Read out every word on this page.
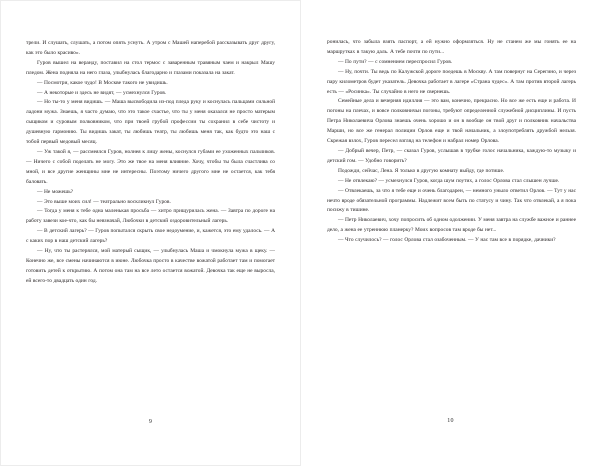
трели. И слушать, слушать, а потом опять уснуть. А утром с Машей наперебой рассказывать друг другу, как это было красиво».

Гуров вышел на веранду, поставил на стол термос с заваренным травяным чаем и накрыл Машу пледом. Жена подняла на него глаза, улыбнулась благодарно и глазами показала на закат.

— Посмотри, какое чудо! В Москве такого не увидишь.

— А некоторые и здесь не видят, — усмехнулся Гуров.

— Но ты-то у меня видишь. — Маша высвободила из-под пледа руку и коснулась пальцами сильной ладони мужа. Знаешь, я часто думаю, что это такое счастье, что ты у меня оказался не просто матерым сыщиком и суровым полковником, что при твоей грубой профессии ты сохранил в себе чистоту и душевную гармонию. Ты видишь закат, ты любишь театр, ты любишь меня так, как будто это наш с тобой первый медовый месяц.

— Уж такой я, — рассмеялся Гуров, нолнея к лицу жены, коснулся губами ее ухоженных пальчиков. — Ничего с собой поделать не могу. Это же твое на меня влияние. Хочу, чтобы ты была счастлива со мной, и все другие женщины мне не интересны. Поэтому ничего другого мне не остается, как тебя баловать.

— Не можешь?

— Это выше моих сил! — театрально воскликнул Гуров.

— Тогда у меня к тебе одна маленькая просьба — хитро прищурилась жена. — Завтра по дороге на работу завези кое-что, как бы невзначай, Любочки в детский оздоровительный лагерь.

— В детский лагерь? — Гуров попытался скрыть свое недоумение, и, кажется, это ему удалось. — А с каких пор в наш детский лагерь?

— Ну, что ты растерялся, мой матерый сыщик, — улыбнулась Маша и чмокнула мужа в щеку. — Конечно же, все смены начинаются в июне. Любочка просто в качестве вожатой работает там и помогает готовить детей к открытию. А потом она там на все лето остается вожатой. Девочка так еще не выросла, ей всего-то двадцать один год.

9

ронилась, что забыла взять паспорт, а ей нужно оформляться. Ну не станем же мы гонять ее на маршрутках в такую даль. А тебе почти по пути...

— По пути? — с сомнением переспросил Гуров.

— Ну, почти. Ты ведь по Калужской дороге поедешь в Москву. А там повернуг на Серегино, и через пару километров будет указатель. Девочка работает в лагере «Страна чудес». А там против второй лагерь есть — «Росинка». Ты случайно в него не свернешь.

Семейные дела и вечерняя идиллия — это вам, конечно, прекрасно. Но все же есть еще и работа. И погоны на плечах, и вовсе полковничьи погоны, требуют определенной служебной дисциплины. И пусть Петра Николаевича Орлова знаешь очень хорошо и он в вообще он твой друг и полковник начальства Марши, но все же генерал полиции Орлов еще и твой начальник, а злоупотреблять дружбой нельзя. Скрежая взлох, Гуров пересел взгляд на телефон и набрал номер Орлова.

— Добрый вечер, Петр, — сказал Гуров, услышав в трубке голос начальника, каждую-то музыку и детский гом. — Удобно говорить?

Подожди, сейчас, Лена. Я только в другую комнату выйду, где потише.

— Не отвлекаю? — усмехнулся Гуров, когда шум поутих, а голос Орлова стал слышен лучше.

— Отвлекаешь, за что я тебе еще и очень благодарен, — немного уныло ответил Орлов. — Тут у нас нечто вроде обязательной программы. Надлежит всем быть по статусу и чину. Так что отвлекай, а я пока посижу в тишине.

— Петр Николаевич, хочу попросить об одном одолжении. У меня завтра на службе важное и раннее дело, а жена ее утреннюю планерку? Моих вопросов там вроде бы нет...

— Что случилось? — голос Орлова стал озабоченным. — У нас там все в порядке, дачники?

10
